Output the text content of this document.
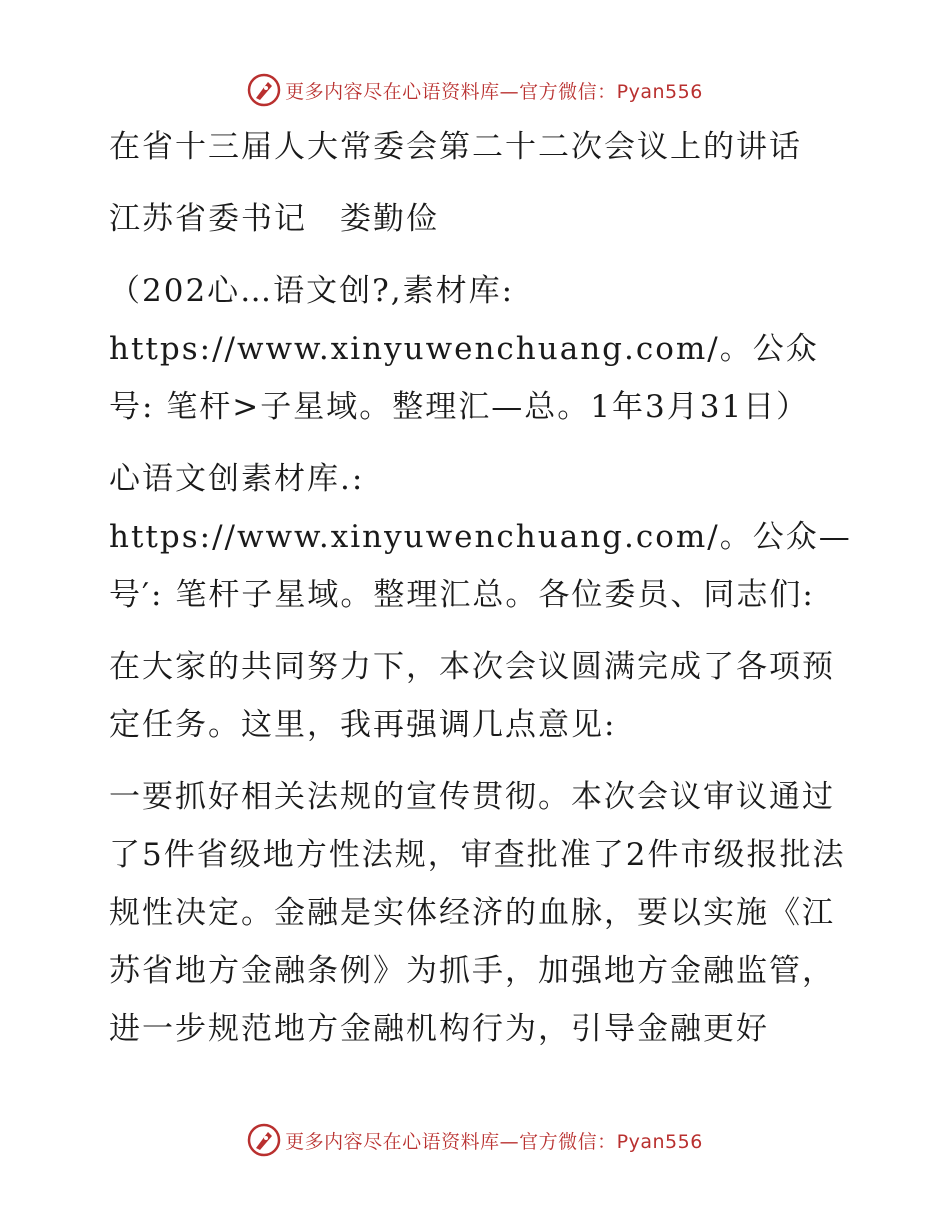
更多内容尽在心语资料库—官方微信：Pyan556

在省十三届人大常委会第二十二次会议上的讲话

江苏省委书记　娄勤俭

（202心…语文创?,素材库: https://www.xinyuwenchuang.com/。公众号: 笔杆>子星域。整理汇—总。1年3月31日）

心语文创素材库.: https://www.xinyuwenchuang.com/。公众—号′: 笔杆子星域。整理汇总。各位委员、同志们:

在大家的共同努力下，本次会议圆满完成了各项预定任务。这里，我再强调几点意见:

一要抓好相关法规的宣传贯彻。本次会议审议通过了5件省级地方性法规，审查批准了2件市级报批法规性决定。金融是实体经济的血脉，要以实施《江苏省地方金融条例》为抓手，加强地方金融监管，进一步规范地方金融机构行为，引导金融更好

更多内容尽在心语资料库—官方微信：Pyan556
